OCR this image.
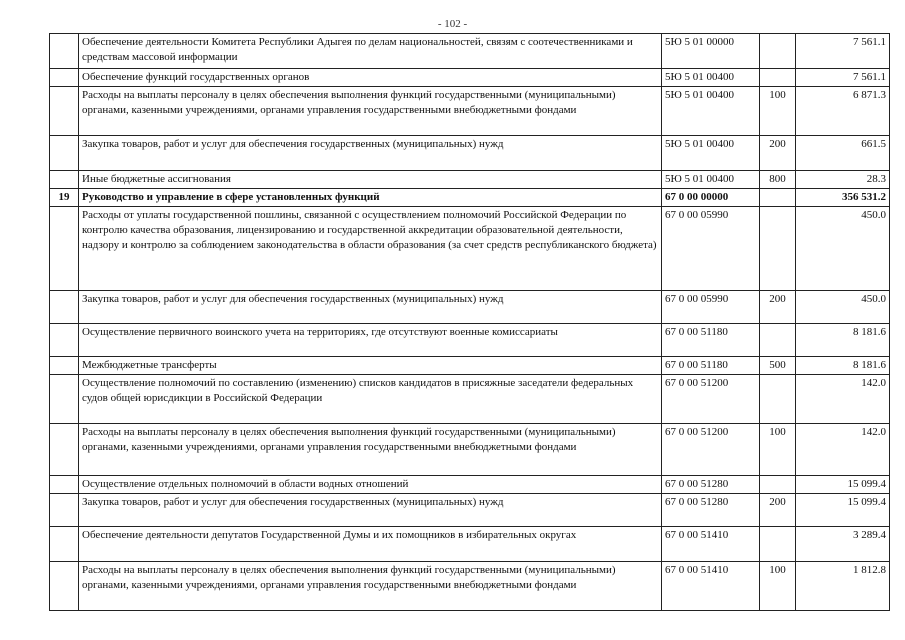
- 102 -
	Обеспечение деятельности Комитета Республики Адыгея по делам национальностей, связям с соотечественниками и средствам массовой информации	5Ю 5 01 00000		7 561.1
	Обеспечение функций государственных органов	5Ю 5 01 00400		7 561.1
	Расходы на выплаты персоналу в целях обеспечения выполнения функций государственными (муниципальными) органами, казенными учреждениями, органами управления государственными внебюджетными фондами	5Ю 5 01 00400	100	6 871.3
	Закупка товаров, работ и услуг для обеспечения государственных (муниципальных) нужд	5Ю 5 01 00400	200	661.5
	Иные бюджетные ассигнования	5Ю 5 01 00400	800	28.3
19	Руководство и управление в сфере установленных функций	67 0 00 00000		356 531.2
	Расходы от уплаты государственной пошлины, связанной с осуществлением полномочий Российской Федерации по контролю качества образования, лицензированию и государственной аккредитации образовательной деятельности, надзору и контролю за соблюдением законодательства в области образования (за счет средств республиканского бюджета)	67 0 00 05990		450.0
	Закупка товаров, работ и услуг для обеспечения государственных (муниципальных) нужд	67 0 00 05990	200	450.0
	Осуществление первичного воинского учета на территориях, где отсутствуют военные комиссариаты	67 0 00 51180		8 181.6
	Межбюджетные трансферты	67 0 00 51180	500	8 181.6
	Осуществление полномочий по составлению (изменению) списков кандидатов в присяжные заседатели федеральных судов общей юрисдикции в Российской Федерации	67 0 00 51200		142.0
	Расходы на выплаты персоналу в целях обеспечения выполнения функций государственными (муниципальными) органами, казенными учреждениями, органами управления государственными внебюджетными фондами	67 0 00 51200	100	142.0
	Осуществление отдельных полномочий в области водных отношений	67 0 00 51280		15 099.4
	Закупка товаров, работ и услуг для обеспечения государственных (муниципальных) нужд	67 0 00 51280	200	15 099.4
	Обеспечение деятельности депутатов Государственной Думы и их помощников в избирательных округах	67 0 00 51410		3 289.4
	Расходы на выплаты персоналу в целях обеспечения выполнения функций государственными (муниципальными) органами, казенными учреждениями, органами управления государственными внебюджетными фондами	67 0 00 51410	100	1 812.8
